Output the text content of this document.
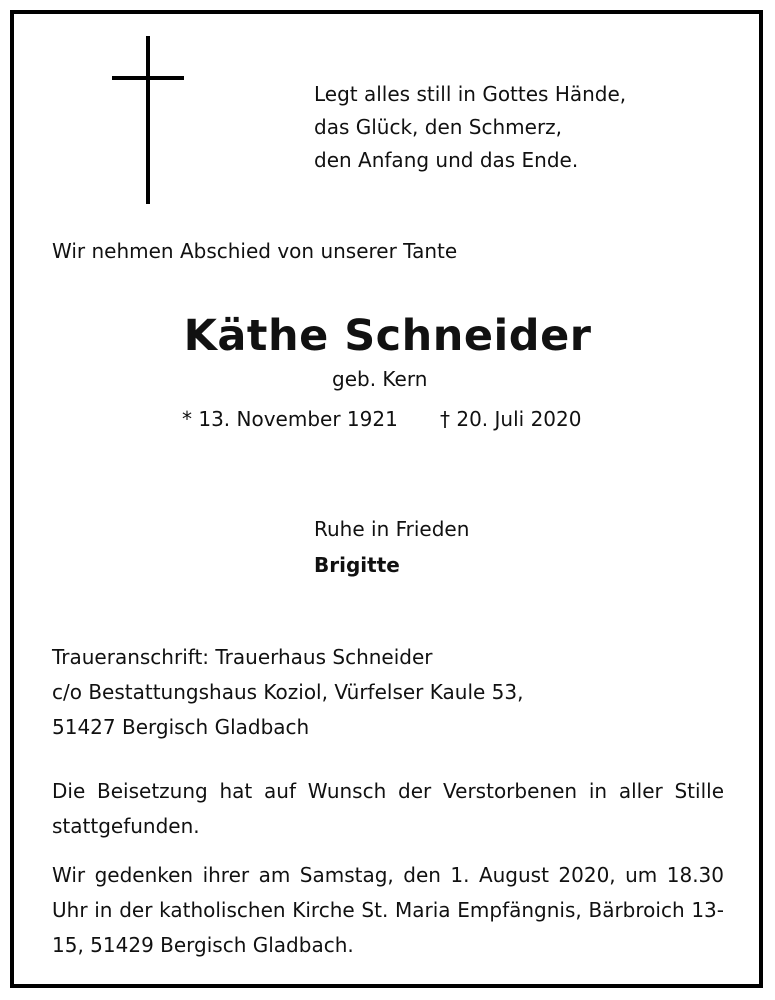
Legt alles still in Gottes Hände,
das Glück, den Schmerz,
den Anfang und das Ende.
Wir nehmen Abschied von unserer Tante
Käthe Schneider
geb. Kern
* 13. November 1921 † 20. Juli 2020
Ruhe in Frieden
Brigitte
Traueranschrift: Trauerhaus Schneider
c/o Bestattungshaus Koziol, Vürfelser Kaule 53,
51427 Bergisch Gladbach
Die Beisetzung hat auf Wunsch der Verstorbenen in aller Stille stattgefunden.
Wir gedenken ihrer am Samstag, den 1. August 2020, um 18.30 Uhr in der katholischen Kirche St. Maria Empfängnis, Bärbroich 13-15, 51429 Bergisch Gladbach.
